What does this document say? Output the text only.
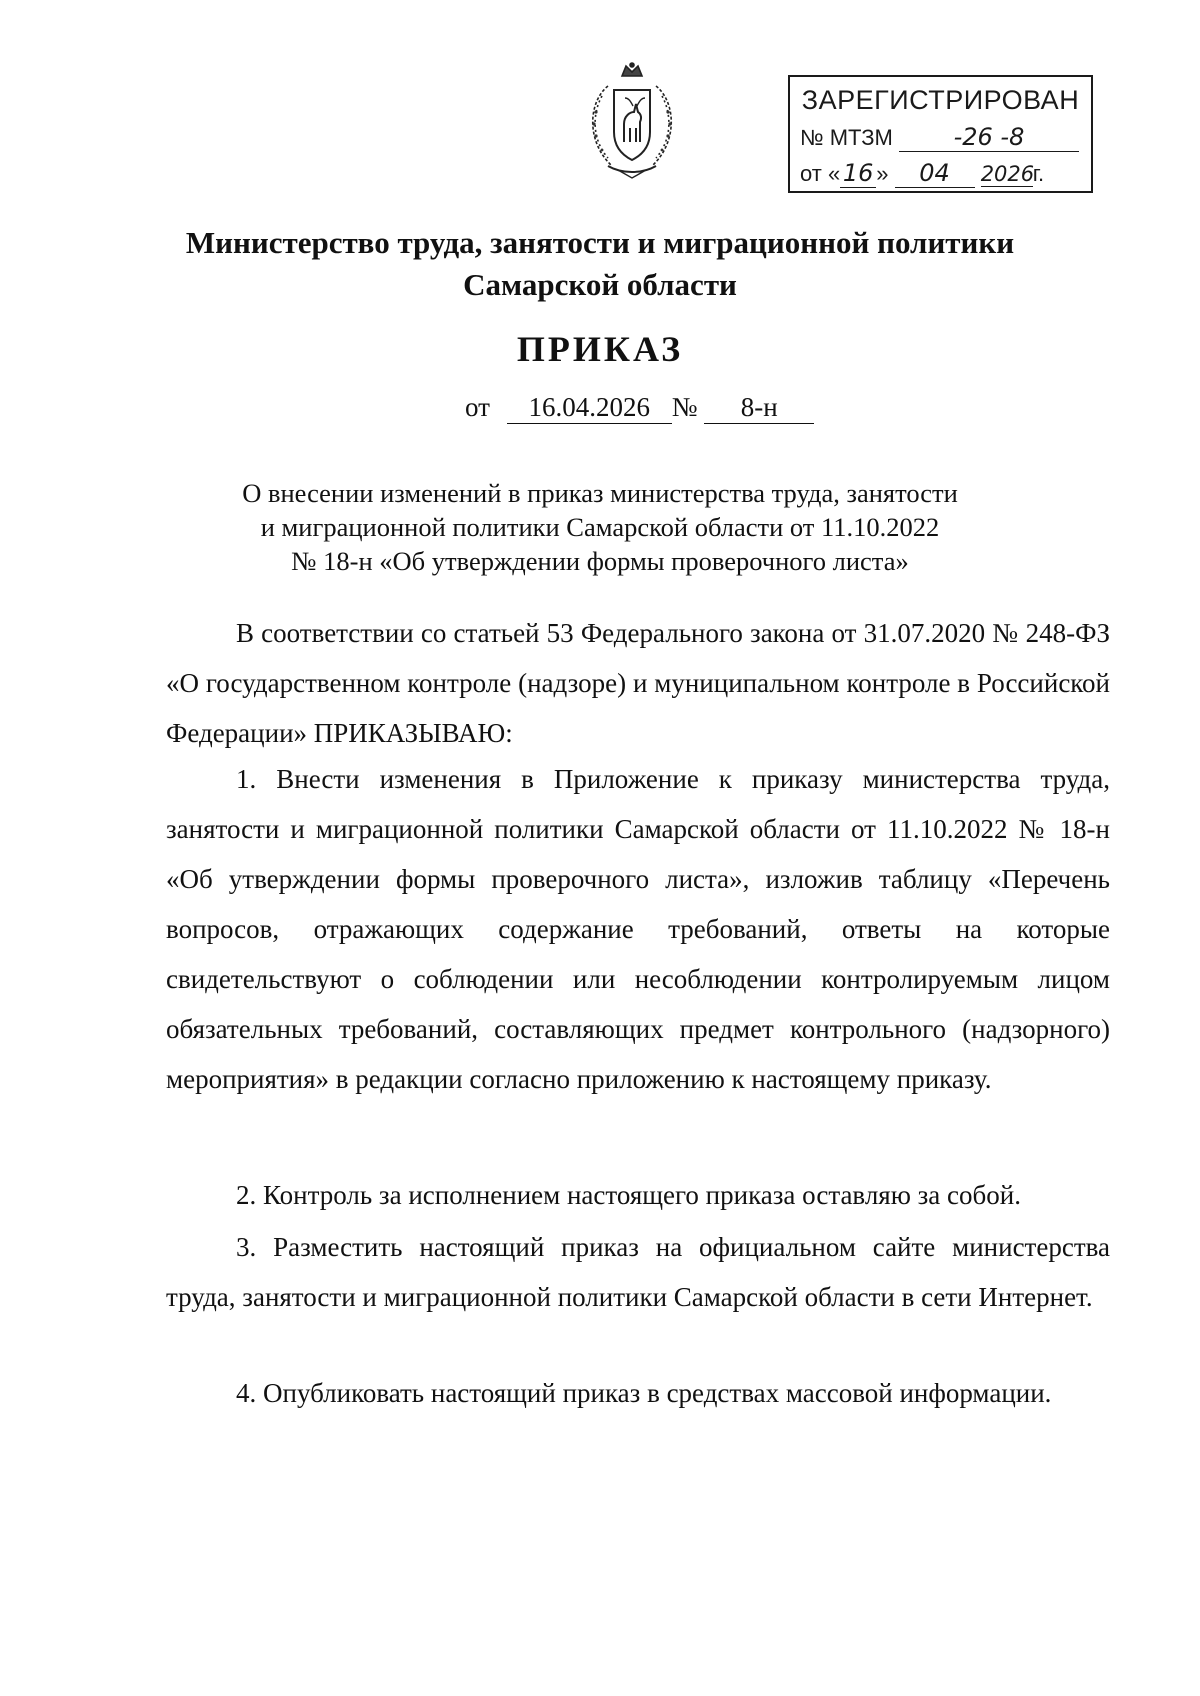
ЗАРЕГИСТРИРОВАН
№ МТЗМ	-26 -8
от « 16 » 04 2026г.
Министерство труда, занятости и миграционной политики
Самарской области
ПРИКАЗ
от 16.04.2026 № 8-н
О внесении изменений в приказ министерства труда, занятости
и миграционной политики Самарской области от 11.10.2022
№ 18-н «Об утверждении формы проверочного листа»

В соответствии со статьей 53 Федерального закона от 31.07.2020 № 248-ФЗ «О государственном контроле (надзоре) и муниципальном контроле в Российской Федерации» ПРИКАЗЫВАЮ:

1. Внести изменения в Приложение к приказу министерства труда, занятости и миграционной политики Самарской области от 11.10.2022 № 18-н «Об утверждении формы проверочного листа», изложив таблицу «Перечень вопросов, отражающих содержание требований, ответы на которые свидетельствуют о соблюдении или несоблюдении контролируемым лицом обязательных требований, составляющих предмет контрольного (надзорного) мероприятия» в редакции согласно приложению к настоящему приказу.

2. Контроль за исполнением настоящего приказа оставляю за собой.

3. Разместить настоящий приказ на официальном сайте министерства труда, занятости и миграционной политики Самарской области в сети Интернет.

4. Опубликовать настоящий приказ в средствах массовой информации.
